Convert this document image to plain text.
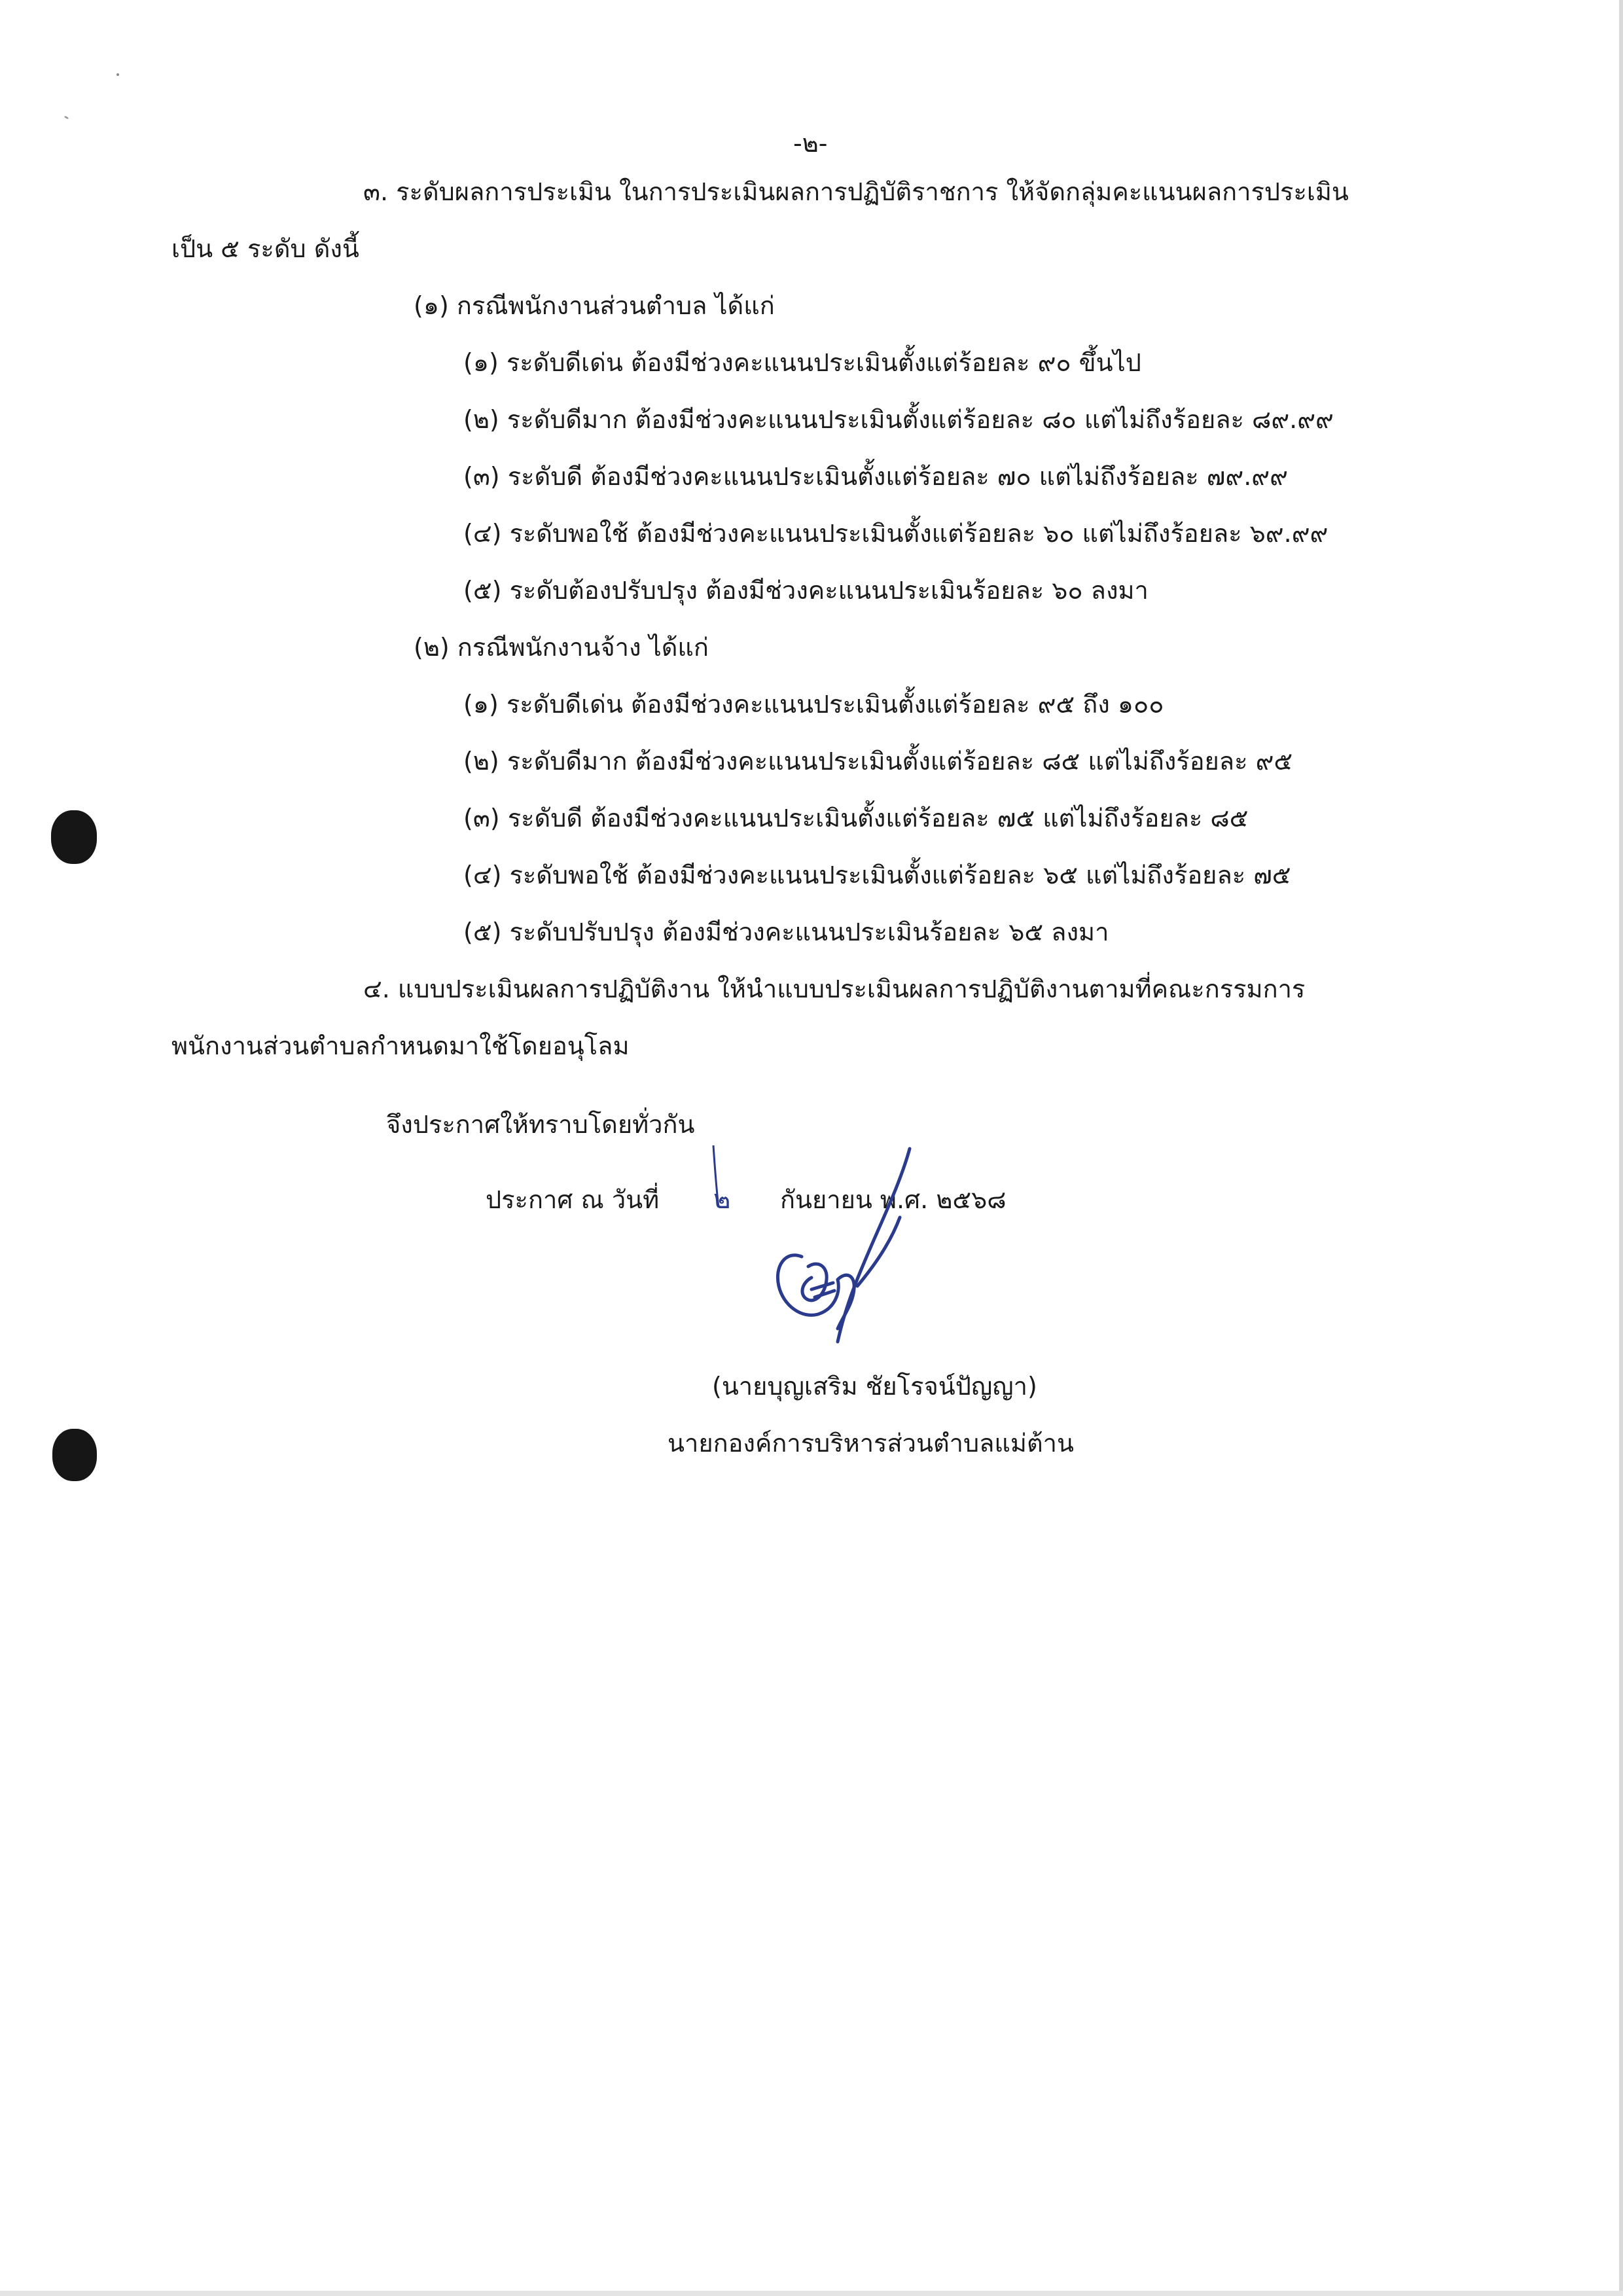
-๒-

๓. ระดับผลการประเมิน ในการประเมินผลการปฏิบัติราชการ ให้จัดกลุ่มคะแนนผลการประเมิน

เป็น ๕ ระดับ ดังนี้

(๑) กรณีพนักงานส่วนตำบล ได้แก่

(๑) ระดับดีเด่น ต้องมีช่วงคะแนนประเมินตั้งแต่ร้อยละ ๙๐ ขึ้นไป

(๒) ระดับดีมาก ต้องมีช่วงคะแนนประเมินตั้งแต่ร้อยละ ๘๐ แต่ไม่ถึงร้อยละ ๘๙.๙๙

(๓) ระดับดี ต้องมีช่วงคะแนนประเมินตั้งแต่ร้อยละ ๗๐ แต่ไม่ถึงร้อยละ ๗๙.๙๙

(๔) ระดับพอใช้ ต้องมีช่วงคะแนนประเมินตั้งแต่ร้อยละ ๖๐ แต่ไม่ถึงร้อยละ ๖๙.๙๙

(๕) ระดับต้องปรับปรุง ต้องมีช่วงคะแนนประเมินร้อยละ ๖๐ ลงมา

(๒) กรณีพนักงานจ้าง ได้แก่

(๑) ระดับดีเด่น ต้องมีช่วงคะแนนประเมินตั้งแต่ร้อยละ ๙๕ ถึง ๑๐๐

(๒) ระดับดีมาก ต้องมีช่วงคะแนนประเมินตั้งแต่ร้อยละ ๘๕ แต่ไม่ถึงร้อยละ ๙๕

(๓) ระดับดี ต้องมีช่วงคะแนนประเมินตั้งแต่ร้อยละ ๗๕ แต่ไม่ถึงร้อยละ ๘๕

(๔) ระดับพอใช้ ต้องมีช่วงคะแนนประเมินตั้งแต่ร้อยละ ๖๕ แต่ไม่ถึงร้อยละ ๗๕

(๕) ระดับปรับปรุง ต้องมีช่วงคะแนนประเมินร้อยละ ๖๕ ลงมา

๔. แบบประเมินผลการปฏิบัติงาน ให้นำแบบประเมินผลการปฏิบัติงานตามที่คณะกรรมการ

พนักงานส่วนตำบลกำหนดมาใช้โดยอนุโลม

จึงประกาศให้ทราบโดยทั่วกัน

ประกาศ ณ วันที่ ๒ กันยายน พ.ศ. ๒๕๖๘

(นายบุญเสริม ชัยโรจน์ปัญญา)

นายกองค์การบริหารส่วนตำบลแม่ต้าน
